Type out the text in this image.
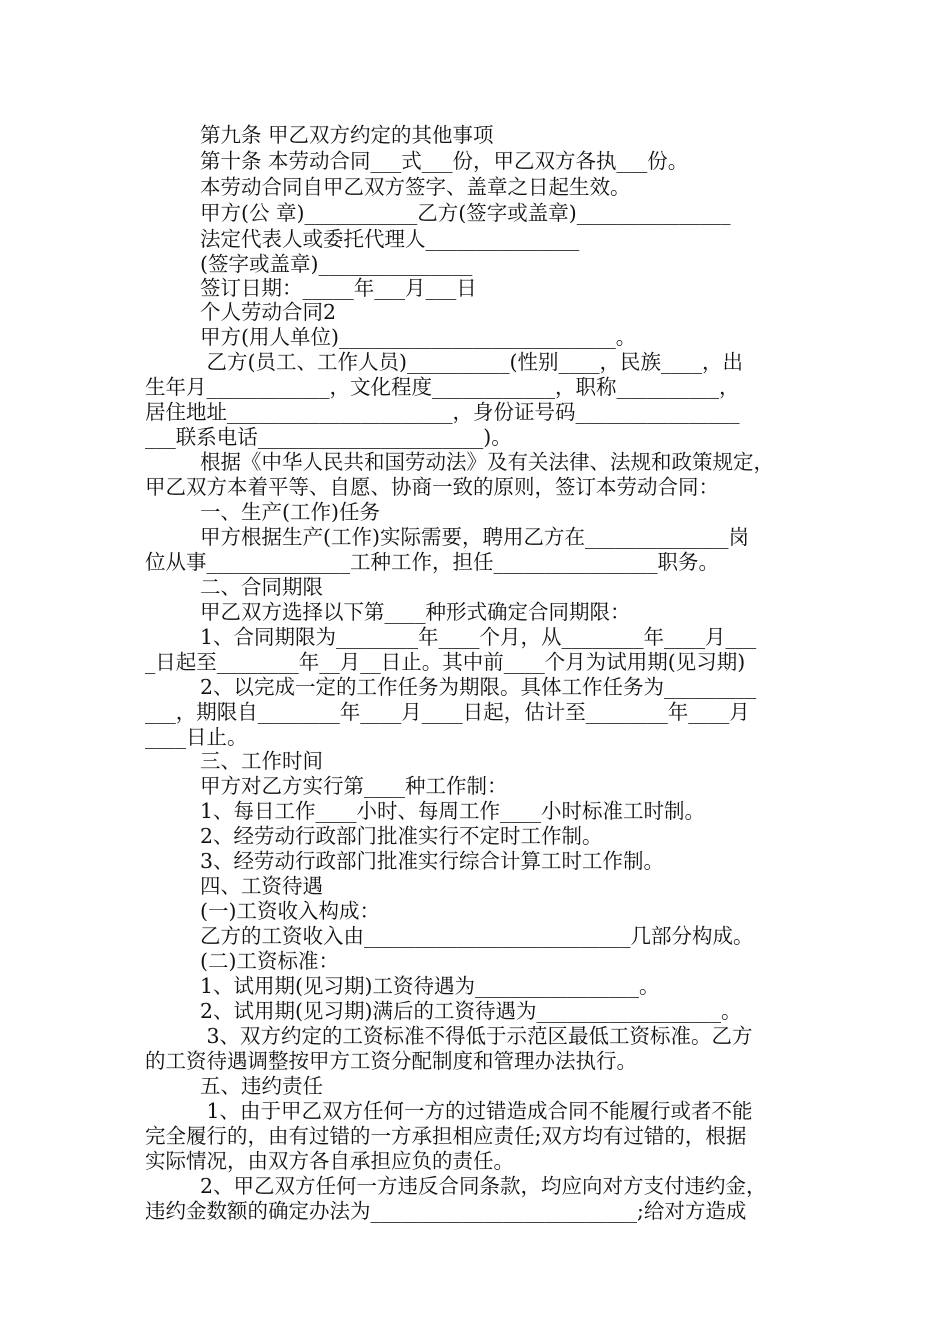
第九条 甲乙双方约定的其他事项
第十条 本劳动合同___式___份，甲乙双方各执___份。
本劳动合同自甲乙双方签字、盖章之日起生效。
甲方(公 章)___________乙方(签字或盖章)_______________
法定代表人或委托代理人_______________
(签字或盖章)_______________
签订日期：_____年___月___日
个人劳动合同2
甲方(用人单位)___________________________。
乙方(员工、工作人员)__________(性别____，民族____，出
生年月____________，文化程度____________，职称__________，
居住地址______________________，身份证号码________________
___联系电话______________________)。
根据《中华人民共和国劳动法》及有关法律、法规和政策规定，
甲乙双方本着平等、自愿、协商一致的原则，签订本劳动合同：
一、生产(工作)任务
甲方根据生产(工作)实际需要，聘用乙方在______________岗
位从事______________工种工作，担任________________职务。
二、合同期限
甲乙双方选择以下第____种形式确定合同期限：
1、合同期限为________年____个月，从________年____月___
_日起至________年__月__日止。其中前____个月为试用期(见习期)
2、以完成一定的工作任务为期限。具体工作任务为_________
___，期限自________年____月____日起，估计至________年____月
____日止。
三、工作时间
甲方对乙方实行第____种工作制：
1、每日工作____小时、每周工作____小时标准工时制。
2、经劳动行政部门批准实行不定时工作制。
3、经劳动行政部门批准实行综合计算工时工作制。
四、工资待遇
(一)工资收入构成：
乙方的工资收入由__________________________几部分构成。
(二)工资标准：
1、试用期(见习期)工资待遇为________________。
2、试用期(见习期)满后的工资待遇为__________________。
3、双方约定的工资标准不得低于示范区最低工资标准。乙方
的工资待遇调整按甲方工资分配制度和管理办法执行。
五、违约责任
1、由于甲乙双方任何一方的过错造成合同不能履行或者不能
完全履行的，由有过错的一方承担相应责任;双方均有过错的，根据
实际情况，由双方各自承担应负的责任。
2、甲乙双方任何一方违反合同条款，均应向对方支付违约金，
违约金数额的确定办法为__________________________;给对方造成
